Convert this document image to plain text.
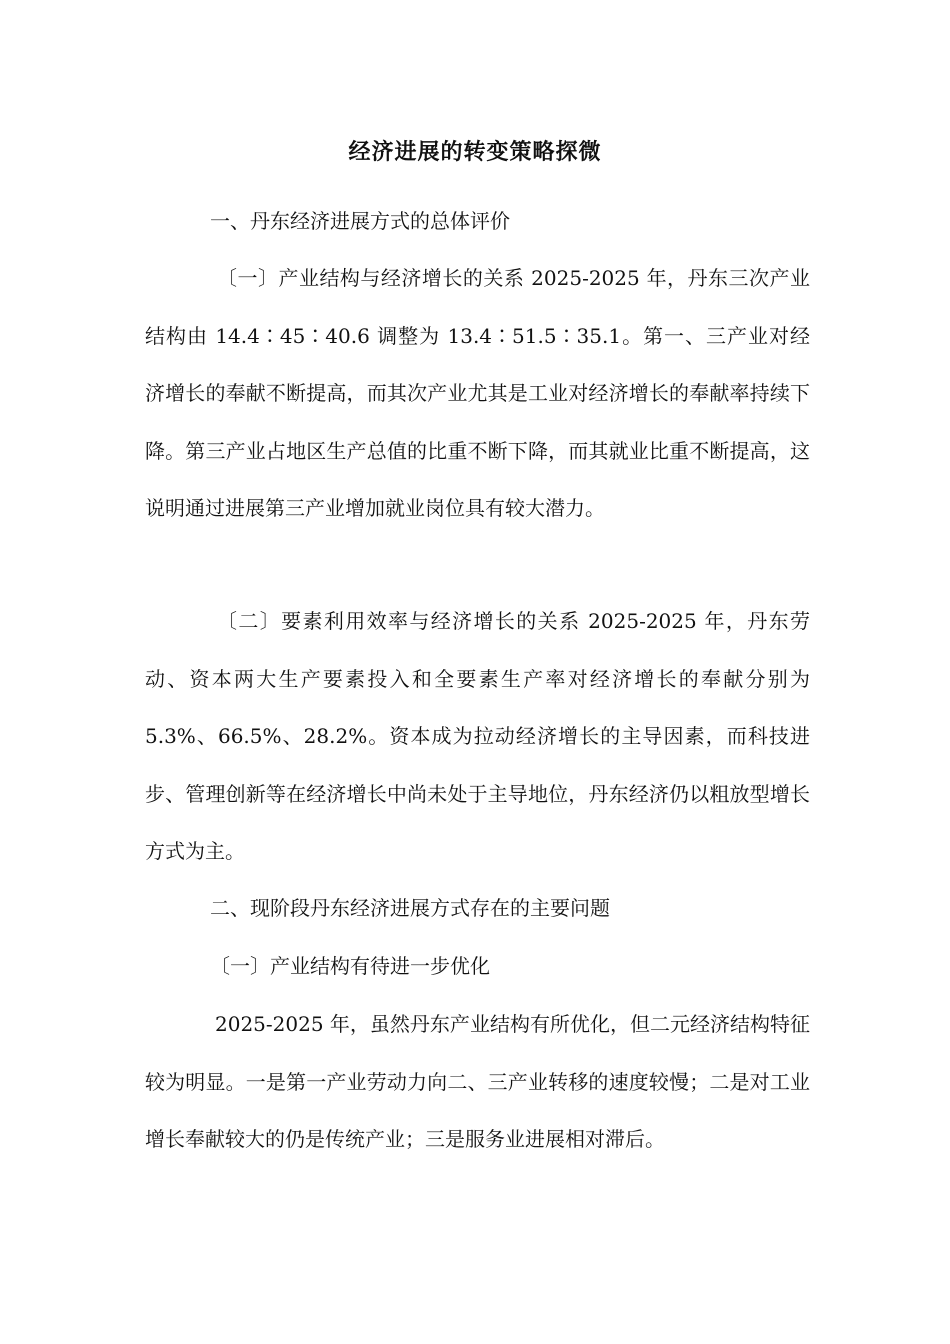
经济进展的转变策略探微
一、丹东经济进展方式的总体评价
〔一〕产业结构与经济增长的关系 2025-2025 年，丹东三次产业结构由 14.4∶45∶40.6 调整为 13.4∶51.5∶35.1。第一、三产业对经济增长的奉献不断提高，而其次产业尤其是工业对经济增长的奉献率持续下降。第三产业占地区生产总值的比重不断下降，而其就业比重不断提高，这说明通过进展第三产业增加就业岗位具有较大潜力。
〔二〕要素利用效率与经济增长的关系 2025-2025 年，丹东劳动、资本两大生产要素投入和全要素生产率对经济增长的奉献分别为 5.3%、66.5%、28.2%。资本成为拉动经济增长的主导因素，而科技进步、管理创新等在经济增长中尚未处于主导地位，丹东经济仍以粗放型增长方式为主。
二、现阶段丹东经济进展方式存在的主要问题
〔一〕产业结构有待进一步优化
2025-2025 年，虽然丹东产业结构有所优化，但二元经济结构特征较为明显。一是第一产业劳动力向二、三产业转移的速度较慢；二是对工业增长奉献较大的仍是传统产业；三是服务业进展相对滞后。
